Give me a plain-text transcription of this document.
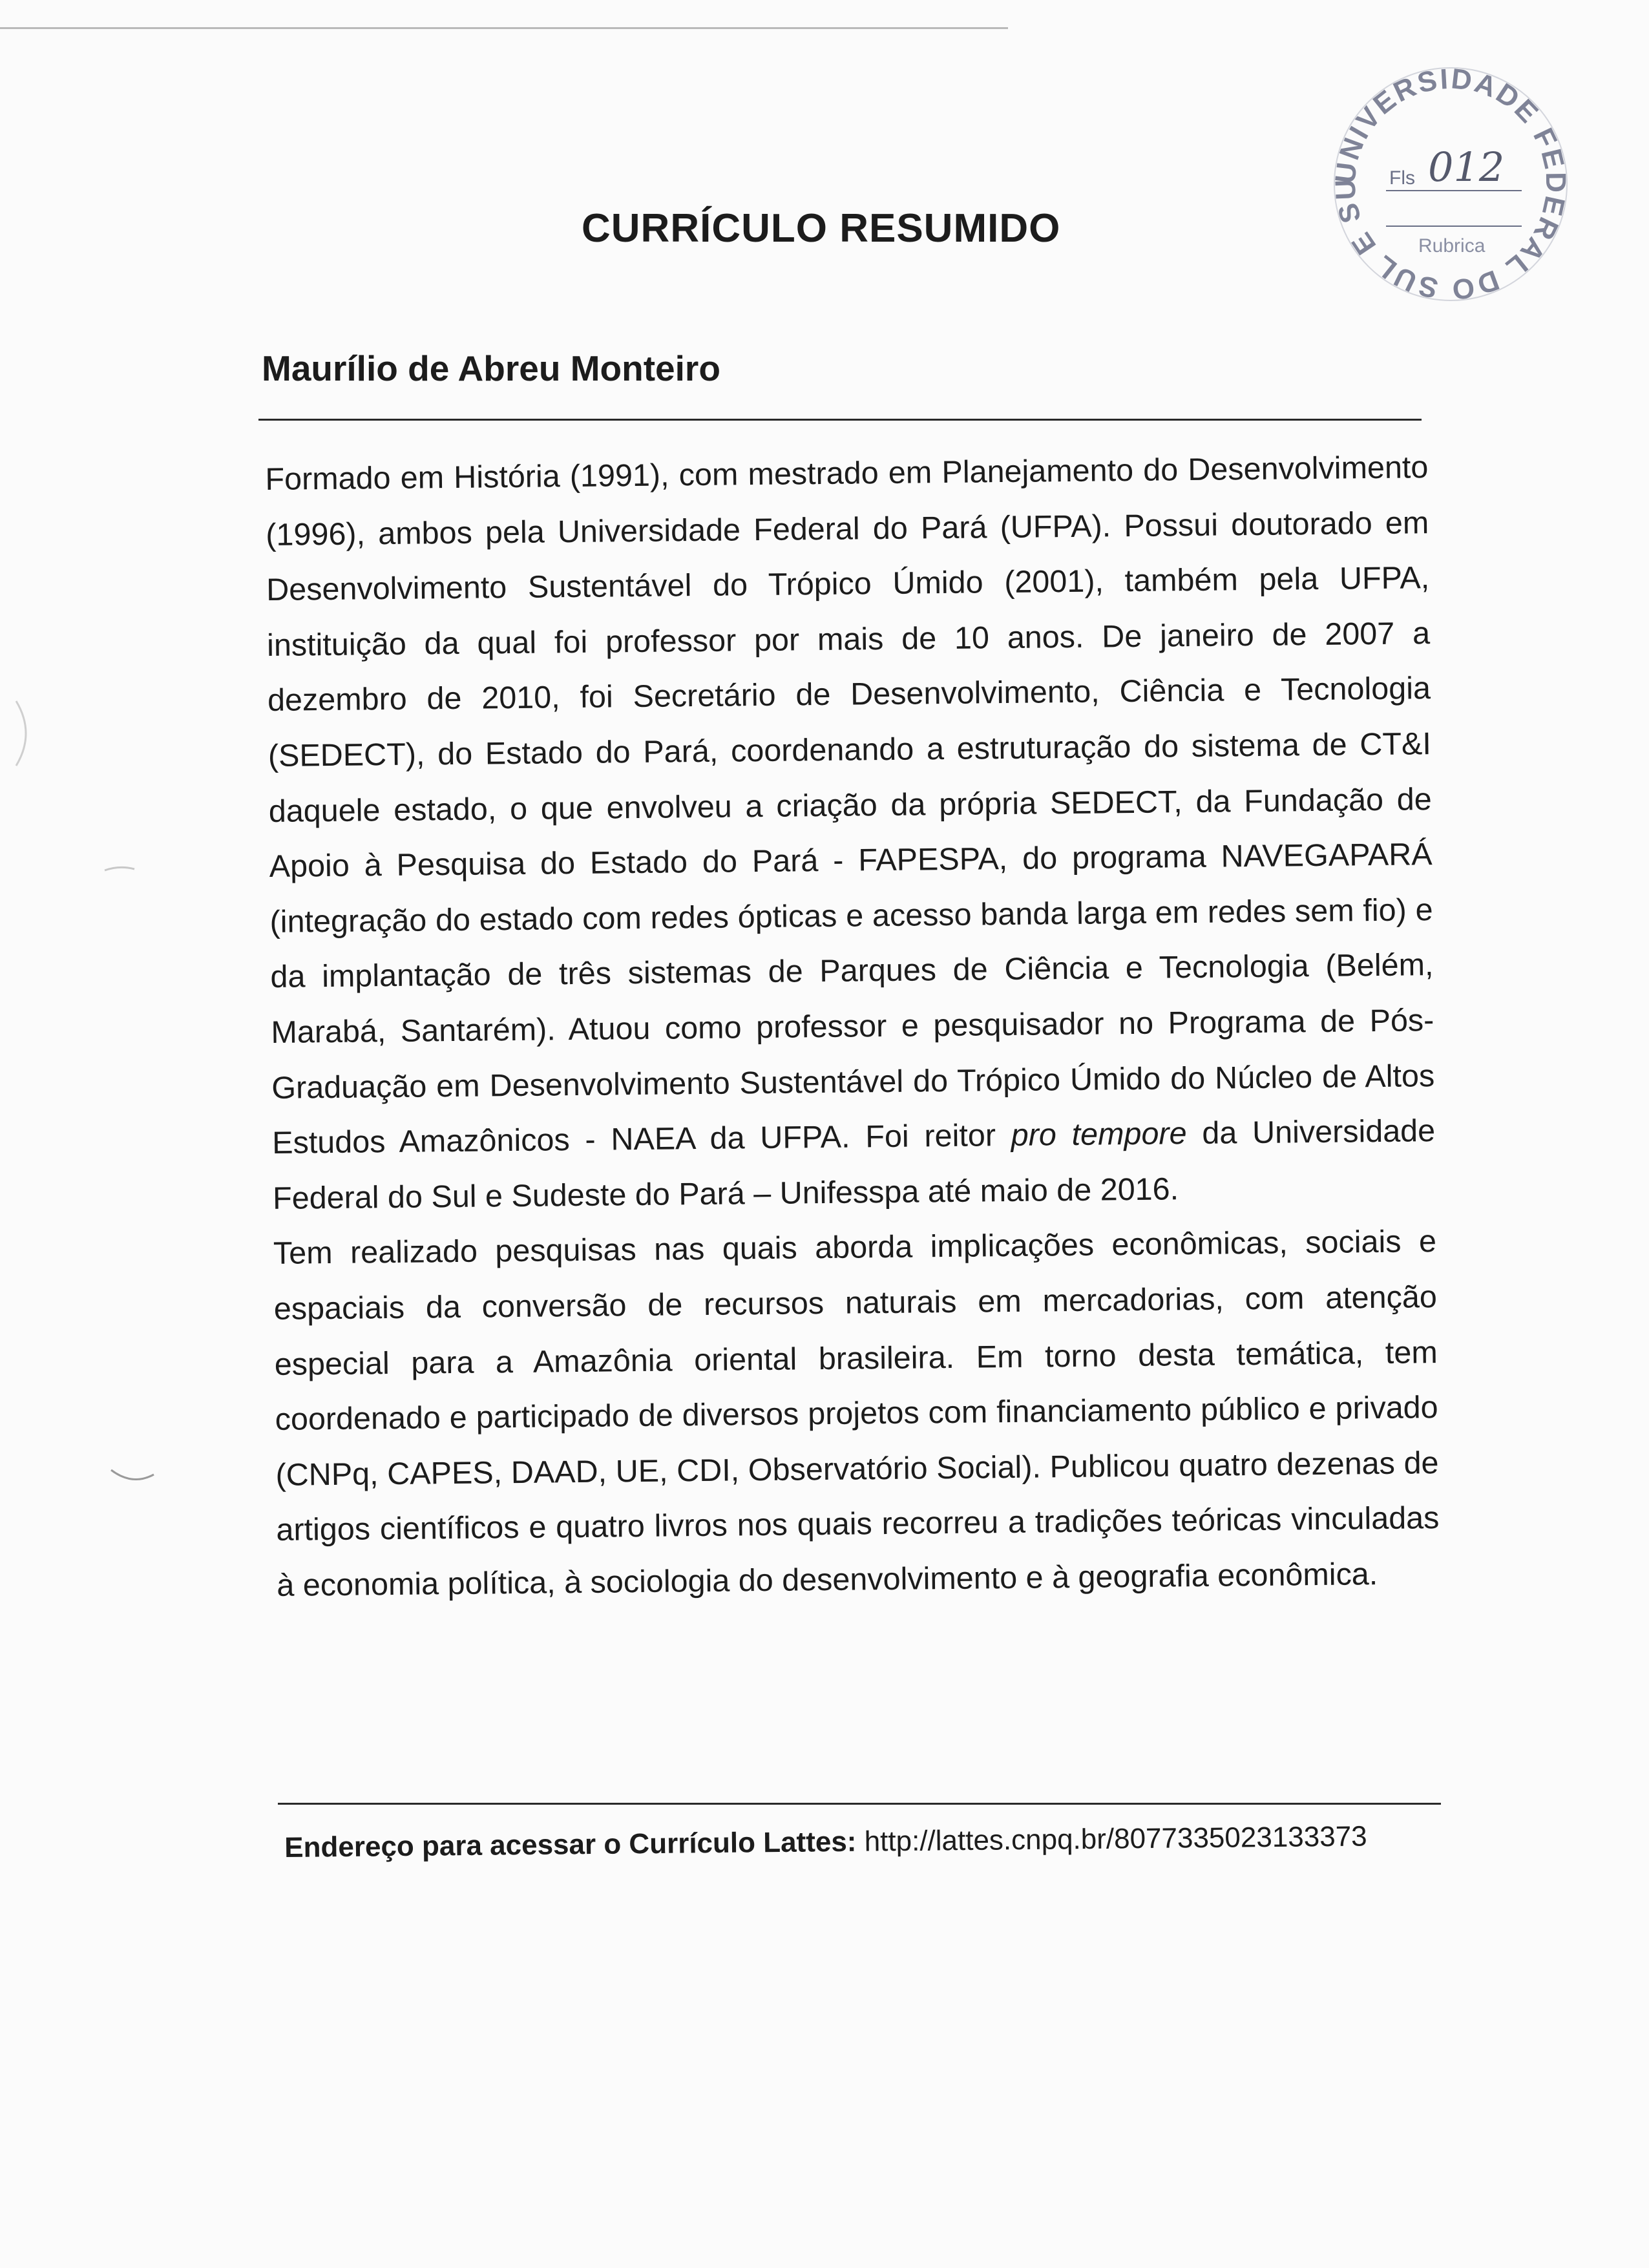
CURRÍCULO RESUMIDO
Maurílio de Abreu Monteiro

Formado em História (1991), com mestrado em Planejamento do Desenvolvimento (1996), ambos pela Universidade Federal do Pará (UFPA). Possui doutorado em Desenvolvimento Sustentável do Trópico Úmido (2001), também pela UFPA, instituição da qual foi professor por mais de 10 anos. De janeiro de 2007 a dezembro de 2010, foi Secretário de Desenvolvimento, Ciência e Tecnologia (SEDECT), do Estado do Pará, coordenando a estruturação do sistema de CT&I daquele estado, o que envolveu a criação da própria SEDECT, da Fundação de Apoio à Pesquisa do Estado do Pará - FAPESPA, do programa NAVEGAPARÁ (integração do estado com redes ópticas e acesso banda larga em redes sem fio) e da implantação de três sistemas de Parques de Ciência e Tecnologia (Belém, Marabá, Santarém). Atuou como professor e pesquisador no Programa de Pós-Graduação em Desenvolvimento Sustentável do Trópico Úmido do Núcleo de Altos Estudos Amazônicos - NAEA da UFPA. Foi reitor pro tempore da Universidade Federal do Sul e Sudeste do Pará – Unifesspa até maio de 2016.

Tem realizado pesquisas nas quais aborda implicações econômicas, sociais e espaciais da conversão de recursos naturais em mercadorias, com atenção especial para a Amazônia oriental brasileira. Em torno desta temática, tem coordenado e participado de diversos projetos com financiamento público e privado (CNPq, CAPES, DAAD, UE, CDI, Observatório Social). Publicou quatro dezenas de artigos científicos e quatro livros nos quais recorreu a tradições teóricas vinculadas à economia política, à sociologia do desenvolvimento e à geografia econômica.

Endereço para acessar o Currículo Lattes: http://lattes.cnpq.br/8077335023133373
UNIVERSIDADE FEDERAL DO SUL E SU	Fls 012
Rubrica
